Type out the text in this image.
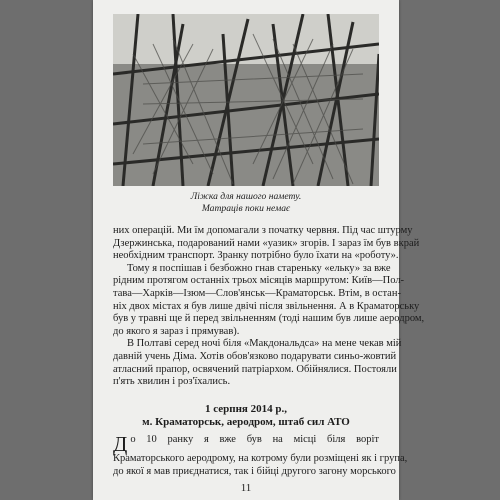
Ліжка для нашого намету.
Матраців поки немає

них операцій. Ми їм допомагали з початку червня. Під час штурму
Дзержинська, подарований нами «уазик» згорів. І зараз їм був вкрай
необхідним транспорт. Зранку потрібно було їхати на «роботу».

Тому я поспішав і безбожно гнав стареньку «ельку» за вже
рідним протягом останніх трьох місяців маршрутом: Київ—Пол-
тава—Харків—Ізюм—Слов'янськ—Краматорськ. Втім, в остан-
ніх двох містах я був лише двічі після звільнення. А в Краматорську
був у травні ще й перед звільненням (тоді нашим був лише аеродром,
до якого я зараз і прямував).

В Полтаві серед ночі біля «Макдональдса» на мене чекав мій
давній учень Діма. Хотів обов'язково подарувати синьо-жовтий
атласний прапор, освячений патріархом. Обійнялися. Постояли
п'ять хвилин і роз'їхались.

1 серпня 2014 р.,
м. Краматорськ, аеродром, штаб сил АТО
Д о 10 ранку я вже був на місці біля воріт
Краматорського аеродрому, на котрому були розміщені як і група,
до якої я мав приєднатися, так і бійці другого загону морського
11
